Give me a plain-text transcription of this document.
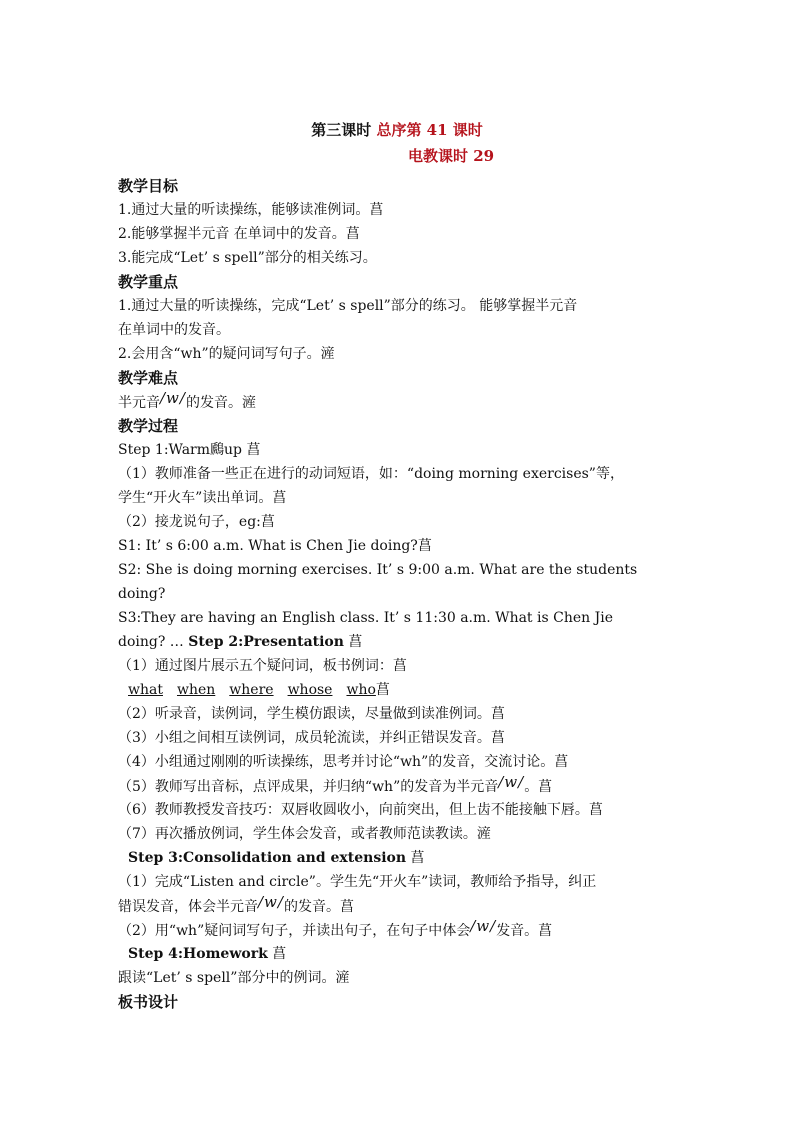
第三课时 总序第 41 课时
电教课时 29
教学目标
1.通过大量的听读操练，能够读准例词。菖
2.能够掌握半元音 在单词中的发音。菖
3.能完成“Let’ s spell”部分的相关练习。
教学重点
1.通过大量的听读操练，完成“Let’ s spell”部分的练习。 能够掌握半元音
在单词中的发音。
2.会用含“wh”的疑问词写句子。滻
教学难点
半元音/w/的发音。滻
教学过程
Step 1:Warm鷉up 菖
（1）教师准备一些正在进行的动词短语，如：“doing morning exercises”等，
学生“开火车”读出单词。菖
（2）接龙说句子，eg:菖
S1: It’ s 6:00 a.m. What is Chen Jie doing?菖
S2: She is doing morning exercises. It’ s 9:00 a.m. What are the students
doing?
S3:They are having an English class. It’ s 11:30 a.m. What is Chen Jie
doing? … Step 2:Presentation 菖
（1）通过图片展示五个疑问词，板书例词：菖
what when where whose who菖
（2）听录音，读例词，学生模仿跟读，尽量做到读准例词。菖
（3）小组之间相互读例词，成员轮流读，并纠正错误发音。菖
（4）小组通过刚刚的听读操练，思考并讨论“wh”的发音，交流讨论。菖
（5）教师写出音标，点评成果，并归纳“wh”的发音为半元音/w/。菖
（6）教师教授发音技巧：双唇收圆收小，向前突出，但上齿不能接触下唇。菖
（7）再次播放例词，学生体会发音，或者教师范读教读。滻
Step 3:Consolidation and extension 菖
（1）完成“Listen and circle”。学生先“开火车”读词，教师给予指导，纠正
错误发音，体会半元音/w/的发音。菖
（2）用“wh”疑问词写句子，并读出句子，在句子中体会/w/发音。菖
Step 4:Homework 菖
跟读“Let’ s spell”部分中的例词。滻
板书设计
